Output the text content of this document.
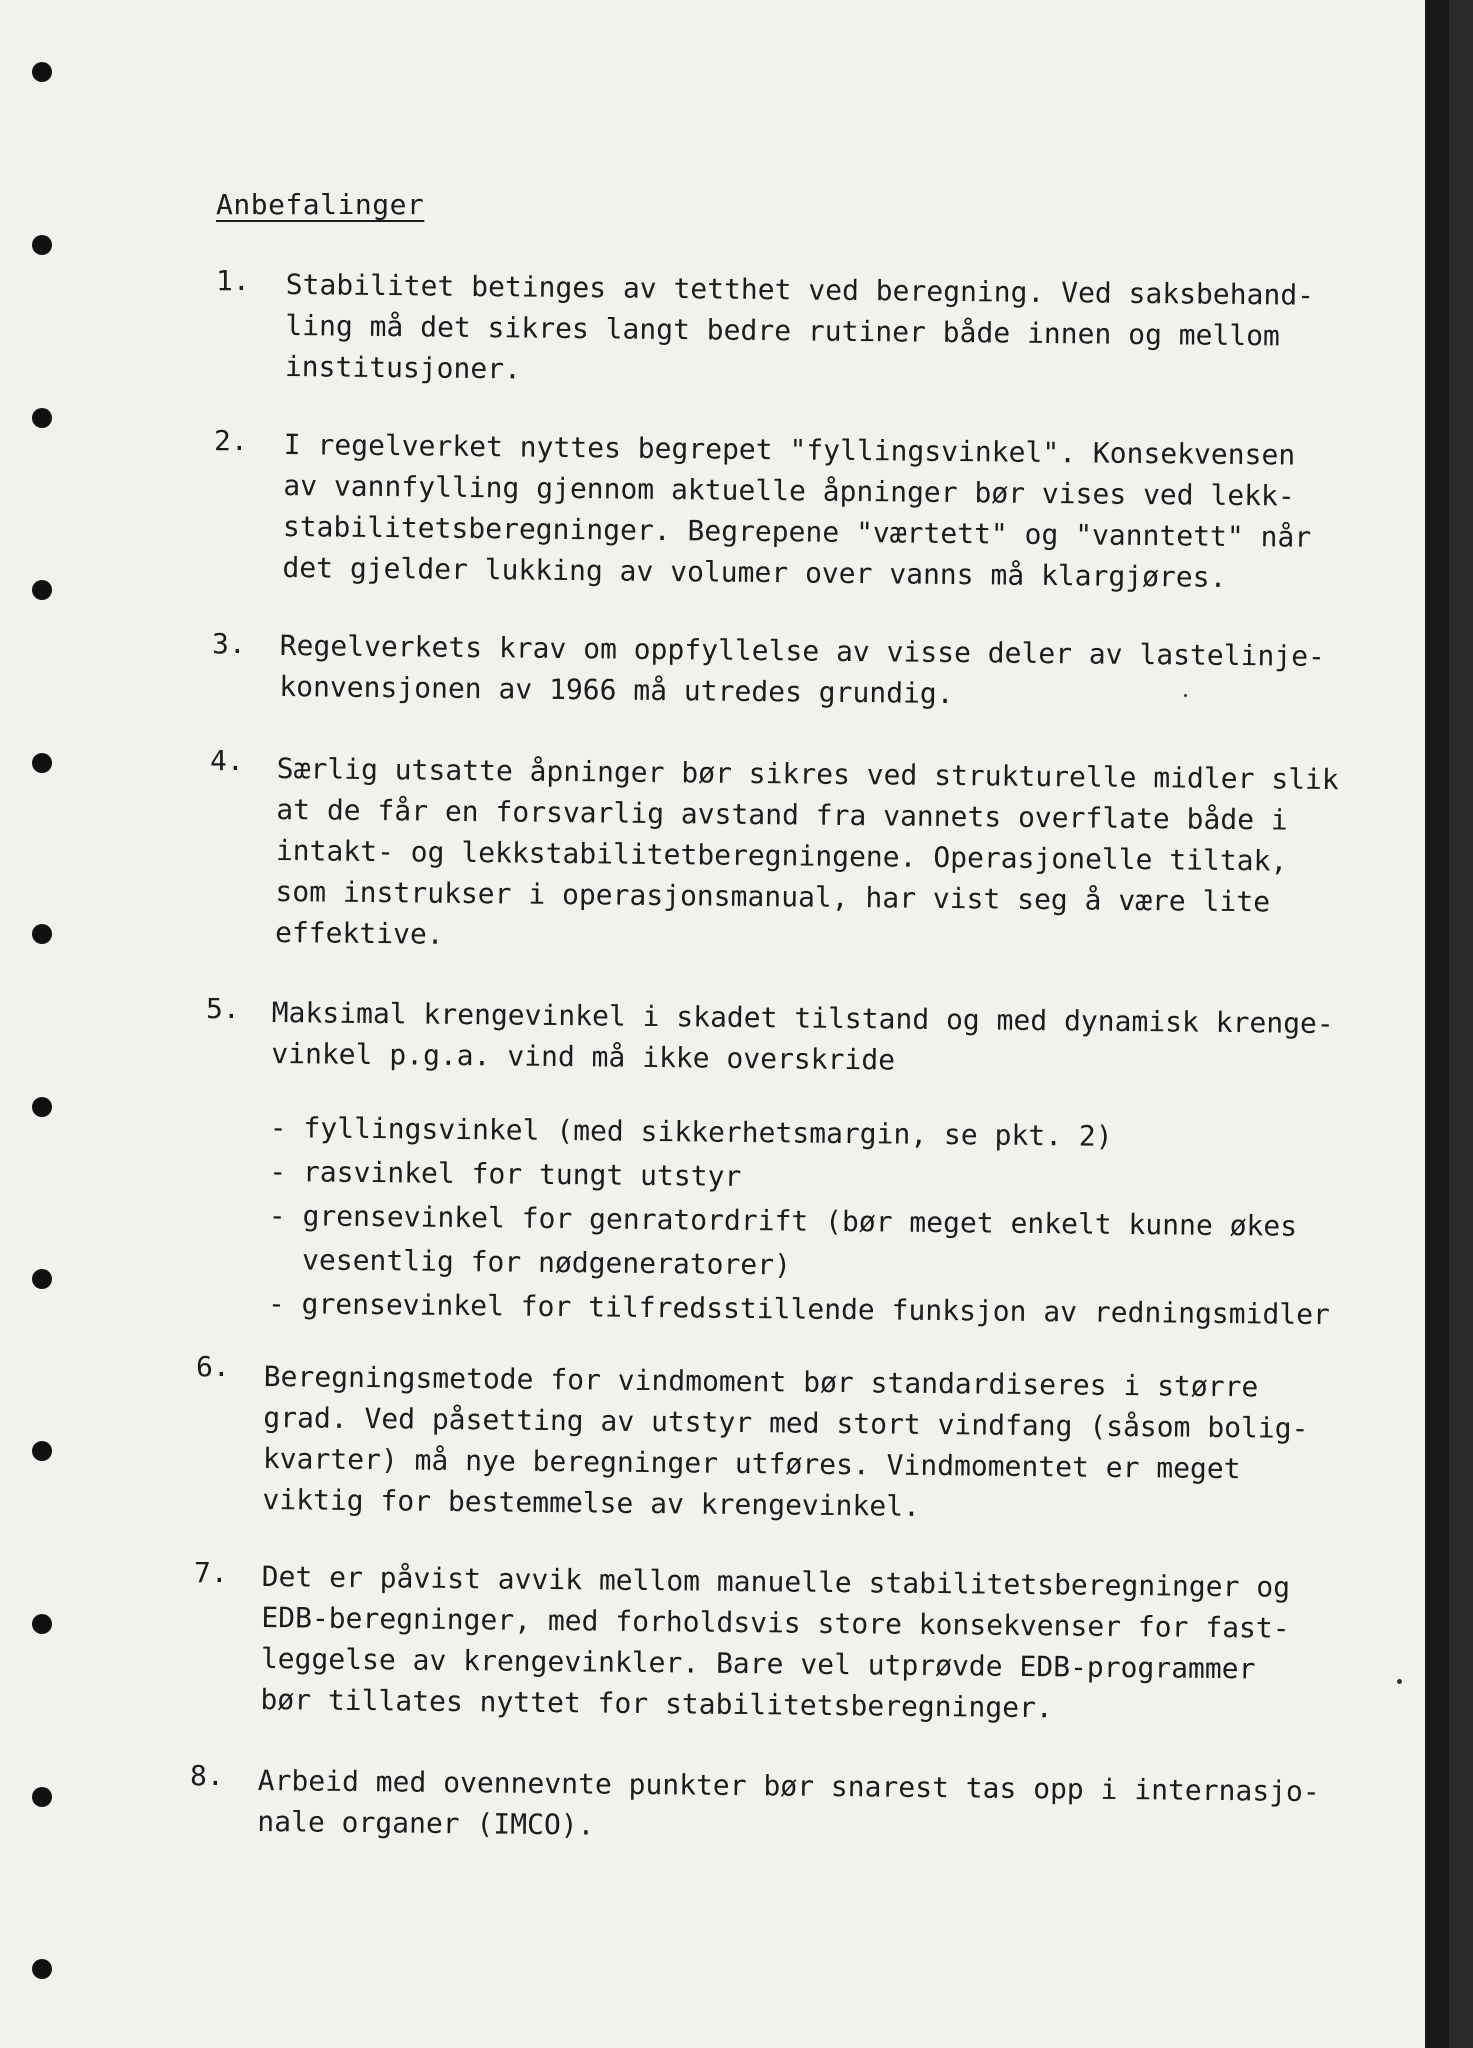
Anbefalinger
1. Stabilitet betinges av tetthet ved beregning. Ved saksbehand-
ling må det sikres langt bedre rutiner både innen og mellom
institusjoner.
2. I regelverket nyttes begrepet "fyllingsvinkel". Konsekvensen
av vannfylling gjennom aktuelle åpninger bør vises ved lekk-
stabilitetsberegninger. Begrepene "værtett" og "vanntett" når
det gjelder lukking av volumer over vanns må klargjøres.
3. Regelverkets krav om oppfyllelse av visse deler av lastelinje-
konvensjonen av 1966 må utredes grundig.
4. Særlig utsatte åpninger bør sikres ved strukturelle midler slik
at de får en forsvarlig avstand fra vannets overflate både i
intakt- og lekkstabilitetberegningene. Operasjonelle tiltak,
som instrukser i operasjonsmanual, har vist seg å være lite
effektive.
5. Maksimal krengevinkel i skadet tilstand og med dynamisk krenge-
vinkel p.g.a. vind må ikke overskride
- fyllingsvinkel (med sikkerhetsmargin, se pkt. 2)
- rasvinkel for tungt utstyr
- grensevinkel for genratordrift (bør meget enkelt kunne økes
vesentlig for nødgeneratorer)
- grensevinkel for tilfredsstillende funksjon av redningsmidler
6. Beregningsmetode for vindmoment bør standardiseres i større
grad. Ved påsetting av utstyr med stort vindfang (såsom bolig-
kvarter) må nye beregninger utføres. Vindmomentet er meget
viktig for bestemmelse av krengevinkel.
7. Det er påvist avvik mellom manuelle stabilitetsberegninger og
EDB-beregninger, med forholdsvis store konsekvenser for fast-
leggelse av krengevinkler. Bare vel utprøvde EDB-programmer
bør tillates nyttet for stabilitetsberegninger.
8. Arbeid med ovennevnte punkter bør snarest tas opp i internasjo-
nale organer (IMCO).
